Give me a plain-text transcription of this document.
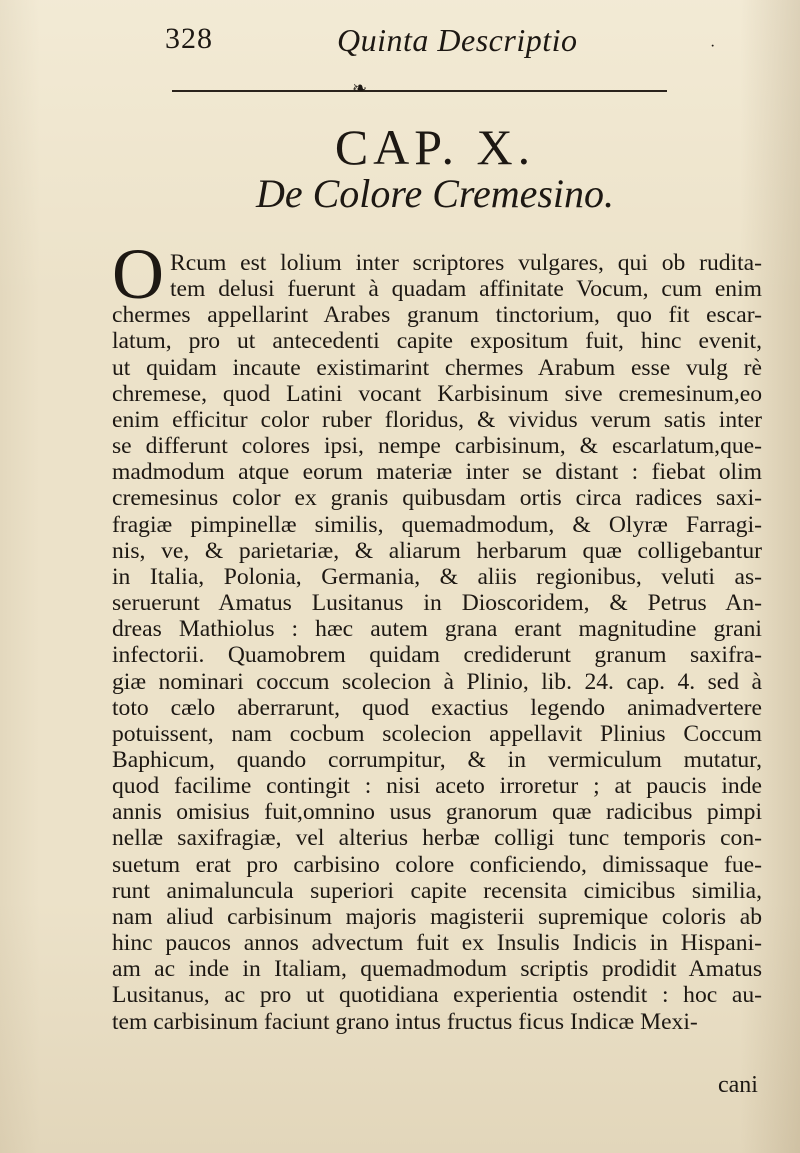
328	Quinta Descriptio	·
❧
CAP. X.
De Colore Cremesino.
O Rcum est lolium inter scriptores vulgares, qui ob rudita-
tem delusi fuerunt à quadam affinitate Vocum, cum enim
chermes appellarint Arabes granum tinctorium, quo fit escar-
latum, pro ut antecedenti capite expositum fuit, hinc evenit,
ut quidam incaute existimarint chermes Arabum esse vulg rè
chremese, quod Latini vocant Karbisinum sive cremesinum,eo
enim efficitur color ruber floridus, & vividus verum satis inter
se differunt colores ipsi, nempe carbisinum, & escarlatum,que-
madmodum atque eorum materiæ inter se distant : fiebat olim
cremesinus color ex granis quibusdam ortis circa radices saxi-
fragiæ pimpinellæ similis, quemadmodum, & Olyræ Farragi-
nis, ve, & parietariæ, & aliarum herbarum quæ colligebantur
in Italia, Polonia, Germania, & aliis regionibus, veluti as-
seruerunt Amatus Lusitanus in Dioscoridem, & Petrus An-
dreas Mathiolus : hæc autem grana erant magnitudine grani
infectorii. Quamobrem quidam crediderunt granum saxifra-
giæ nominari coccum scolecion à Plinio, lib. 24. cap. 4. sed à
toto cælo aberrarunt, quod exactius legendo animadvertere
potuissent, nam cocbum scolecion appellavit Plinius Coccum
Baphicum, quando corrumpitur, & in vermiculum mutatur,
quod facilime contingit : nisi aceto irroretur ; at paucis inde
annis omisius fuit,omnino usus granorum quæ radicibus pimpi
nellæ saxifragiæ, vel alterius herbæ colligi tunc temporis con-
suetum erat pro carbisino colore conficiendo, dimissaque fue-
runt animaluncula superiori capite recensita cimicibus similia,
nam aliud carbisinum majoris magisterii supremique coloris ab
hinc paucos annos advectum fuit ex Insulis Indicis in Hispani-
am ac inde in Italiam, quemadmodum scriptis prodidit Amatus
Lusitanus, ac pro ut quotidiana experientia ostendit : hoc au-
tem carbisinum faciunt grano intus fructus ficus Indicæ Mexi-
cani
